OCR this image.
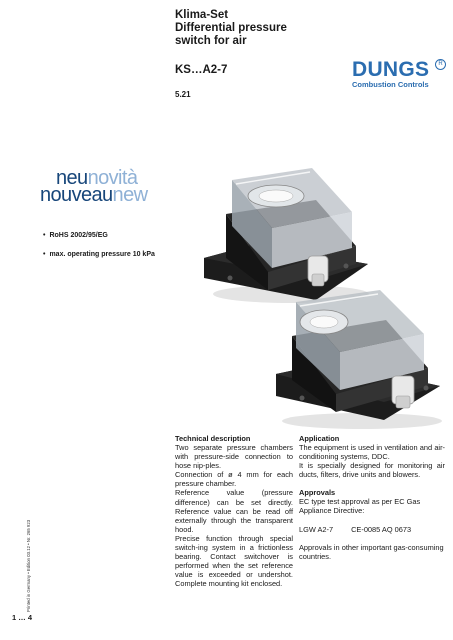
Klima-Set
Differential pressure
switch for air
KS…A2-7
5.21
DUNGS	R
Combustion Controls
neunovità
nouveaunew
• RoHS 2002/95/EG
• max. operating pressure 10 kPa
Technical description

Two separate pressure chambers with pressure-side connection to hose nip-ples.

Connection of ø 4 mm for each pressure chamber.

Reference value (pressure difference) can be set directly. Reference value can be read off externally through the transparent hood.

Precise function through special switch-ing system in a frictionless bearing. Contact switchover is performed when the set reference value is exceeded or undershot. Complete mounting kit enclosed.

Application

The equipment is used in ventilation and air-conditioning systems, DDC.

It is specially designed for monitoring air ducts, filters, drive units and blowers.

Approvals

EC type test approval as per EC Gas Appliance Directive:

LGW A2-7 CE-0085 AQ 0673

Approvals in other important gas-consuming countries.

Printed in Germany • Edition 03.12 • Nr. 265 923
1 … 4
